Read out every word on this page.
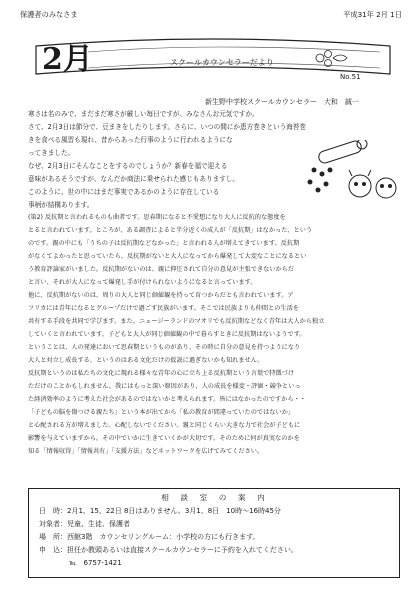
保護者のみなさま	平成31年 2月 1日
2月	スクールカウンセラーだより
No.51
新生野中学校スクールカウンセラー　大和　誠一
寒さは名のみで、まだまだ寒さが厳しい毎日ですが、みなさんお元気ですか。
さて、2月3日は節分で、豆まきをしたりします。さらに、いつの間にか恵方巻きという海苔巻
きを食べる風習も現れ、昔からあった行事のように行われるようにな
ってきました。
なぜ、2月3日にそんなことをするのでしょうか？新春を福で迎える
意味があるそうですが、なんだか商法に乗せられた感じもありますし。
このように、世の中にはまだ事実であるかのように存在している
事柄が結構あります。
(第2) 反抗期と言われるものも曲者です。思春期になると不愛想になり大人に反抗的な態度を
とると言われています。ところが、ある調査によると半分近くの成人が「反抗期」はなかった、という
のです。親の中にも「うちの子は反抗期などなかった」と言われる人が増えてきています。反抗期
がなくてよかったと思っていたら、反抗期がないと大人になってから爆発して大変なことになるとい
う教育評論家がいました。反抗期がないのは、親に抑圧されて自分の意見が主張できないからだ
と言い、それが大人になって爆発し手が付けられないようになると言っています。
他に、反抗期がないのは、周りの大人と同じ価値観を持って育つからだとも言われています。ア
フリカには青年になるとグループだけで過ごす民族がいます。そこでは民族よりも仲間との生活を
共有する手段を共同で学びます。また、ニュージーランドのマオリでも反抗期などなく青年は大人から独立
していくと言われています。子どもと大人が同じ価値観の中で暮らすときに反抗期はないようです。
ということは、人の発達において思春期というものがあり、その時に自分の意見を持つようになり
大人と対立し成長する、というのはある文化だけの仮説に過ぎないかも知れません。
反抗期というのは私たちの文化に現れる様々な青年の心に立ち上る反抗期という言葉で特徴づけ
ただけのことかもしれません。我にはもっと深い原因があり、人の成長を様変・評価・競争といっ
た経済効率のように考えた社会があるのではないかと考えられます。皆にはなかったのですから・・
「子どもの脳を傷つける親たち」という本が出てから「私の教育が間違っていたのではないか」
と心配される方が増えました。心配しないでください。親と同じくらい大きな力で社会が子どもに
影響を与えていますから。その中でいかに生きていくかが大切です。そのために何が真実なのかを
知る「情報収得」「情報共有」「支援方法」などネットワークを広げてみてください。
相　談　室　の　案　内
日　時：2月1、15、22日 8日はありません。3月1、8日　10時～16時45分
対象者：児童、生徒、保護者
場　所：西館3階　カウンセリングルーム：小学校の方にも行きます。
申　込：担任か教頭あるいは直接スクールカウンセラーに予約を入れてください。
℡　6757-1421
